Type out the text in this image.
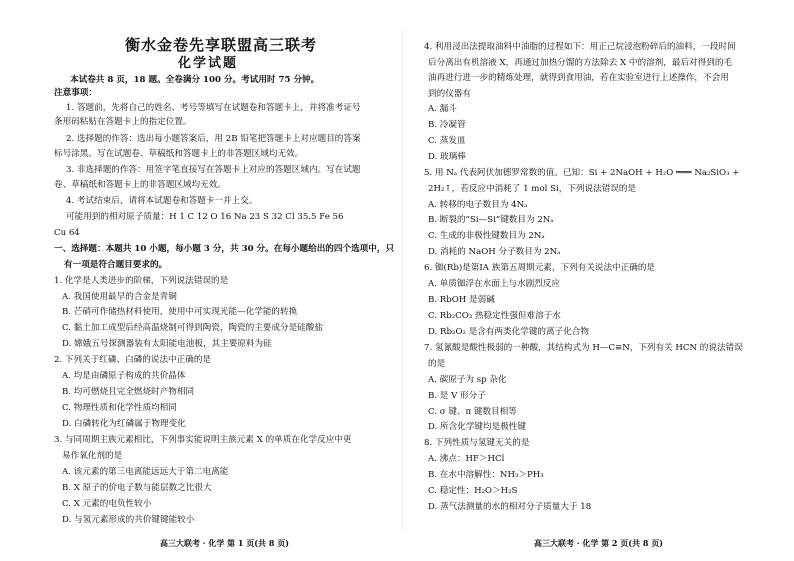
衡水金卷先享联盟高三联考
化学试题
本试卷共 8 页，18 题。全卷满分 100 分。考试用时 75 分钟。
注意事项：
1. 答题前，先将自己的姓名、考号等填写在试题卷和答题卡上，并将准考证号
条形码粘贴在答题卡上的指定位置。
2. 选择题的作答：选出每小题答案后，用 2B 铅笔把答题卡上对应题目的答案
标号涂黑。写在试题卷、草稿纸和答题卡上的非答题区域均无效。
3. 非选择题的作答：用签字笔直接写在答题卡上对应的答题区域内。写在试题
卷、草稿纸和答题卡上的非答题区域均无效。
4. 考试结束后，请将本试题卷和答题卡一并上交。
可能用到的相对原子质量：H 1 C 12 O 16 Na 23 S 32 Cl 35.5 Fe 56
Cu 64
一、选择题：本题共 10 小题，每小题 3 分，共 30 分。在每小题给出的四个选项中，只
有一项是符合题目要求的。
1. 化学是人类进步的阶梯，下列说法错误的是
A. 我国使用最早的合金是青铜
B. 芒硝可作储热材料使用，使用中可实现光能—化学能的转换
C. 黏土加工成型后经高温烧制可得到陶瓷，陶瓷的主要成分是硅酸盐
D. 嫦娥五号探测器装有太阳能电池板，其主要原料为硅
2. 下列关于红磷、白磷的说法中正确的是
A. 均是由磷原子构成的共价晶体
B. 均可燃烧且完全燃烧时产物相同
C. 物理性质和化学性质均相同
D. 白磷转化为红磷属于物理变化
3. 与同周期主族元素相比，下列事实能说明主族元素 X 的单质在化学反应中更
易作氧化剂的是
A. 该元素的第三电离能远远大于第二电离能
B. X 原子的价电子数与能层数之比很大
C. X 元素的电负性较小
D. 与氢元素形成的共价键键能较小
高三大联考 · 化学 第 1 页(共 8 页)
4. 利用浸出法提取油料中油脂的过程如下：用正己烷浸泡粉碎后的油料，一段时间
后分离出有机溶液 X，再通过加热分馏的方法除去 X 中的溶剂，最后对得到的毛
油再进行进一步的精炼处理，就得到食用油，若在实验室进行上述操作，不会用
到的仪器有
A. 漏斗
B. 冷凝管
C. 蒸发皿
D. 玻璃棒
5. 用 Nₐ 代表阿伏加德罗常数的值。已知：Si + 2NaOH + H₂O ═══ Na₂SiO₃ +
2H₂↑，若反应中消耗了 1 mol Si，下列说法错误的是
A. 转移的电子数目为 4Nₐ
B. 断裂的“Si—Si”键数目为 2Nₐ
C. 生成的非极性键数目为 2Nₐ
D. 消耗的 NaOH 分子数目为 2Nₐ
6. 铷(Rb)是第ⅠA 族第五周期元素，下列有关说法中正确的是
A. 单质铷浮在水面上与水剧烈反应
B. RbOH 是弱碱
C. Rb₂CO₃ 热稳定性强但难溶于水
D. Rb₂O₂ 是含有两类化学键的离子化合物
7. 氢氰酸是酸性极弱的一种酸，其结构式为 H—C≡N，下列有关 HCN 的说法错误
的是
A. 碳原子为 sp 杂化
B. 是 V 形分子
C. σ 键、π 键数目相等
D. 所含化学键均是极性键
8. 下列性质与氢键无关的是
A. 沸点：HF＞HCl
B. 在水中溶解性：NH₃＞PH₃
C. 稳定性：H₂O＞H₂S
D. 蒸气法测量的水的相对分子质量大于 18
高三大联考 · 化学 第 2 页(共 8 页)
